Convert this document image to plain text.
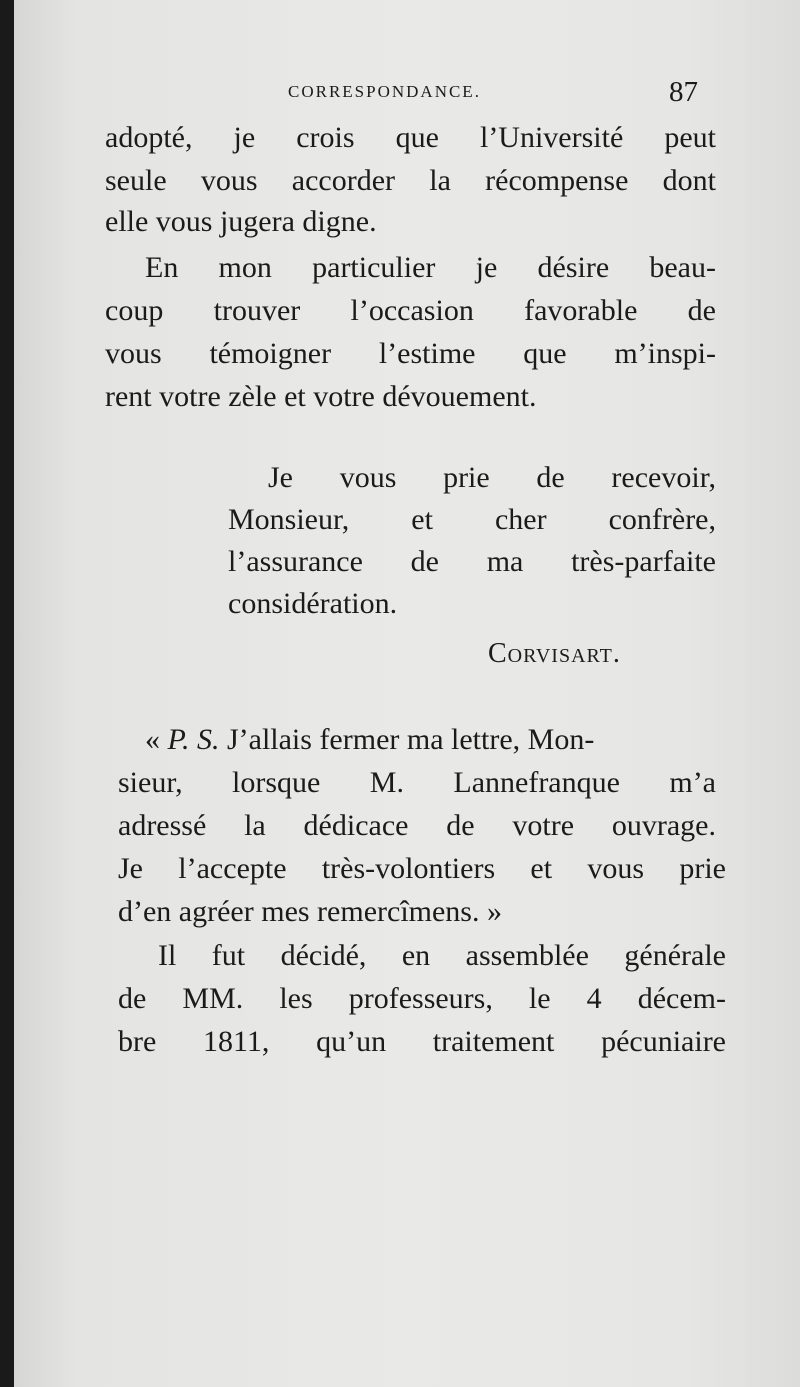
CORRESPONDANCE.	87
adopté, je crois que l’Université peut
seule vous accorder la récompense dont
elle vous jugera digne.
En mon particulier je désire beau-
coup trouver l’occasion favorable de
vous témoigner l’estime que m’inspi-
rent votre zèle et votre dévouement.
Je vous prie de recevoir,
Monsieur, et cher confrère,
l’assurance de ma très-parfaite
considération.
Corvisart.
« P. S. J’allais fermer ma lettre, Mon-
sieur, lorsque M. Lannefranque m’a
adressé la dédicace de votre ouvrage.
Je l’accepte très-volontiers et vous prie
d’en agréer mes remercîmens. »
Il fut décidé, en assemblée générale
de MM. les professeurs, le 4 décem-
bre 1811, qu’un traitement pécuniaire
